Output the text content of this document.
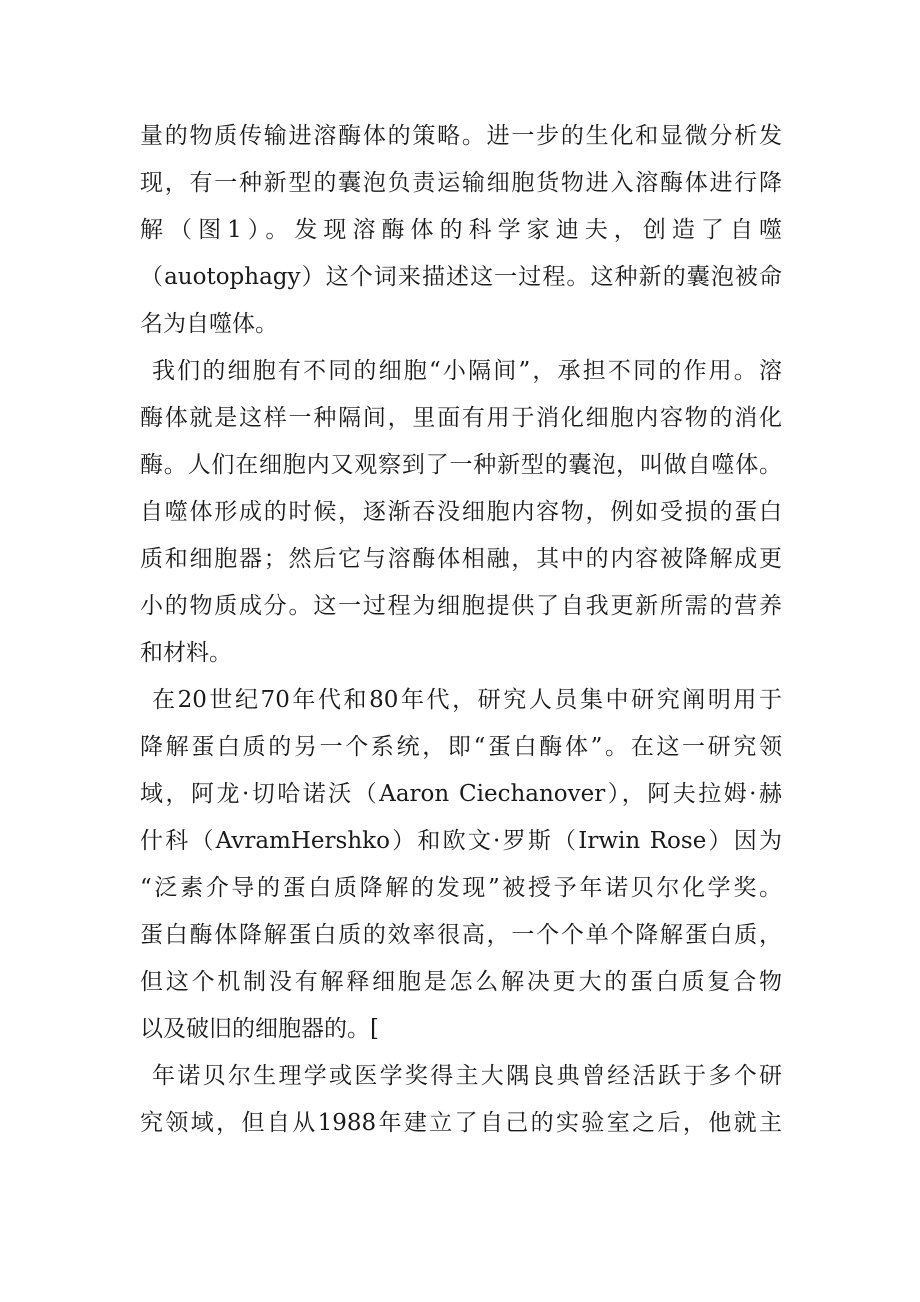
量的物质传输进溶酶体的策略。进一步的生化和显微分析发
现，有一种新型的囊泡负责运输细胞货物进入溶酶体进行降
解（图1）。发现溶酶体的科学家迪夫，创造了自噬
（auotophagy）这个词来描述这一过程。这种新的囊泡被命
名为自噬体。
我们的细胞有不同的细胞“小隔间”，承担不同的作用。溶
酶体就是这样一种隔间，里面有用于消化细胞内容物的消化
酶。人们在细胞内又观察到了一种新型的囊泡，叫做自噬体。
自噬体形成的时候，逐渐吞没细胞内容物，例如受损的蛋白
质和细胞器；然后它与溶酶体相融，其中的内容被降解成更
小的物质成分。这一过程为细胞提供了自我更新所需的营养
和材料。
在20世纪70年代和80年代，研究人员集中研究阐明用于
降解蛋白质的另一个系统，即“蛋白酶体”。在这一研究领
域，阿龙·切哈诺沃（Aaron Ciechanover），阿夫拉姆·赫
什科（AvramHershko）和欧文·罗斯（Irwin Rose）因为
“泛素介导的蛋白质降解的发现”被授予年诺贝尔化学奖。
蛋白酶体降解蛋白质的效率很高，一个个单个降解蛋白质，
但这个机制没有解释细胞是怎么解决更大的蛋白质复合物
以及破旧的细胞器的。[
年诺贝尔生理学或医学奖得主大隅良典曾经活跃于多个研
究领域，但自从1988年建立了自己的实验室之后，他就主
